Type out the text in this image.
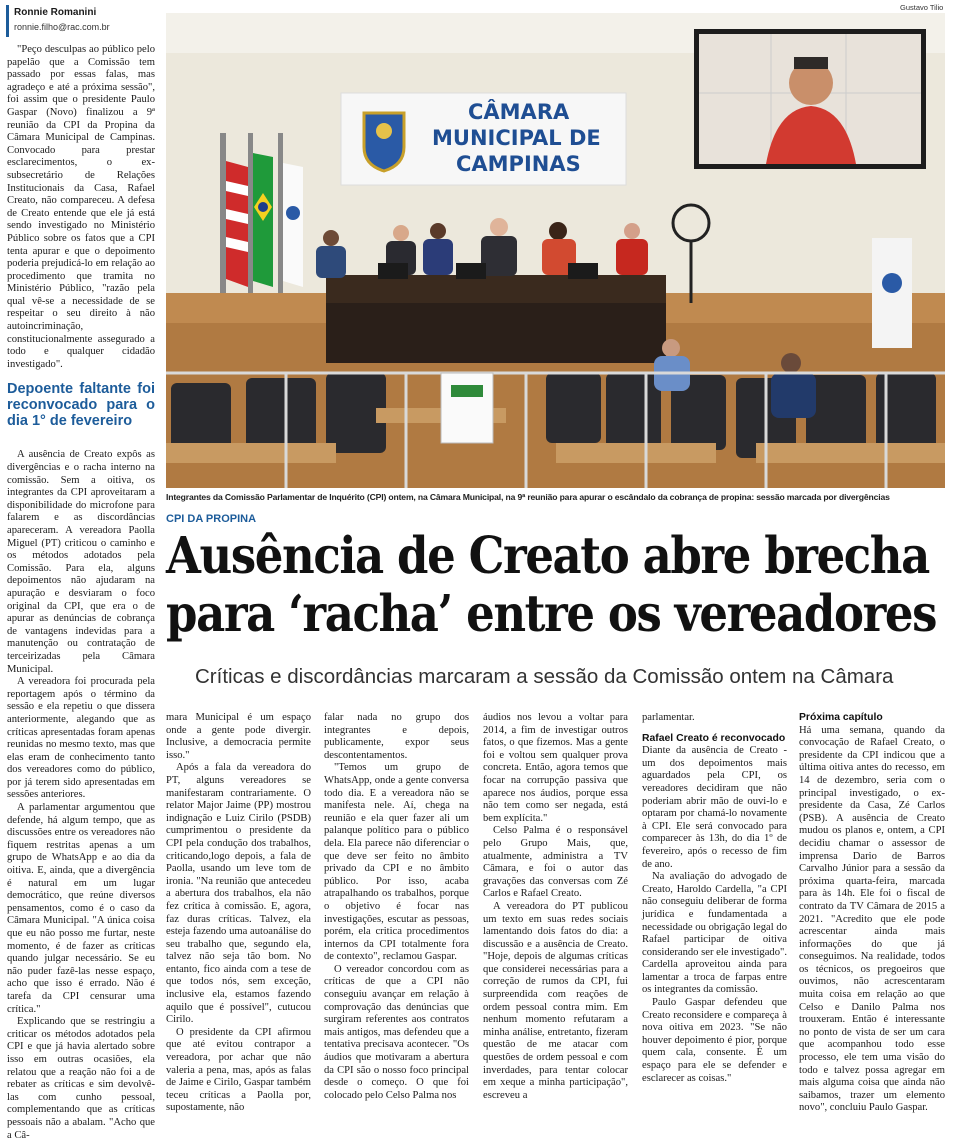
Ronnie Romanini
ronnie.filho@rac.com.br
CÂMARA
MUNICIPAL DE
CAMPINAS
Gustavo Tilio
Integrantes da Comissão Parlamentar de Inquérito (CPI) ontem, na Câmara Municipal, na 9ª reunião para apurar o escândalo da cobrança de propina: sessão marcada por divergências
CPI DA PROPINA
Ausência de Creato abre brecha
para ‘racha’ entre os vereadores
Críticas e discordâncias marcaram a sessão da Comissão ontem na Câmara

"Peço desculpas ao público pelo papelão que a Comissão tem passado por essas falas, mas agradeço e até a próxima sessão", foi assim que o presidente Paulo Gaspar (Novo) finalizou a 9ª reunião da CPI da Propina da Câmara Municipal de Campinas. Convocado para prestar esclarecimentos, o ex-subsecretário de Relações Institucionais da Casa, Rafael Creato, não compareceu. A defesa de Creato entende que ele já está sendo investigado no Ministério Público sobre os fatos que a CPI tenta apurar e que o depoimento poderia prejudicá-lo em relação ao procedimento que tramita no Ministério Público, "razão pela qual vê-se a necessidade de se respeitar o seu direito à não autoincriminação, constitucionalmente assegurado a todo e qualquer cidadão investigado".

Depoente faltante foi reconvocado para o dia 1° de fevereiro

A ausência de Creato expôs as divergências e o racha interno na comissão. Sem a oitiva, os integrantes da CPI aproveitaram a disponibilidade do microfone para falarem e as discordâncias apareceram. A vereadora Paolla Miguel (PT) criticou o caminho e os métodos adotados pela Comissão. Para ela, alguns depoimentos não ajudaram na apuração e desviaram o foco original da CPI, que era o de apurar as denúncias de cobrança de vantagens indevidas para a manutenção ou contratação de terceirizadas pela Câmara Municipal.

A vereadora foi procurada pela reportagem após o término da sessão e ela repetiu o que dissera anteriormente, alegando que as críticas apresentadas foram apenas reunidas no mesmo texto, mas que elas eram de conhecimento tanto dos vereadores como do público, por já terem sido apresentadas em sessões anteriores.

A parlamentar argumentou que defende, há algum tempo, que as discussões entre os vereadores não fiquem restritas apenas a um grupo de WhatsApp e ao dia da oitiva. E, ainda, que a divergência é natural em um lugar democrático, que reúne diversos pensamentos, como é o caso da Câmara Municipal. "A única coisa que eu não posso me furtar, neste momento, é de fazer as críticas quando julgar necessário. Se eu não puder fazê-las nesse espaço, acho que isso é errado. Não é tarefa da CPI censurar uma crítica."

Explicando que se restringiu a criticar os métodos adotados pela CPI e que já havia alertado sobre isso em outras ocasiões, ela relatou que a reação não foi a de rebater as críticas e sim devolvê-las com cunho pessoal, complementando que as críticas pessoais não a abalam. "Acho que a Câ-

mara Municipal é um espaço onde a gente pode divergir. Inclusive, a democracia permite isso."

Após a fala da vereadora do PT, alguns vereadores se manifestaram contrariamente. O relator Major Jaime (PP) mostrou indignação e Luiz Cirilo (PSDB) cumprimentou o presidente da CPI pela condução dos trabalhos, criticando,logo depois, a fala de Paolla, usando um leve tom de ironia. "Na reunião que antecedeu a abertura dos trabalhos, ela não fez crítica à comissão. E, agora, faz duras críticas. Talvez, ela esteja fazendo uma autoanálise do seu trabalho que, segundo ela, talvez não seja tão bom. No entanto, fico ainda com a tese de que todos nós, sem exceção, inclusive ela, estamos fazendo aquilo que é possível", cutucou Cirilo.

O presidente da CPI afirmou que até evitou contrapor a vereadora, por achar que não valeria a pena, mas, após as falas de Jaime e Cirilo, Gaspar também teceu críticas a Paolla por, supostamente, não

falar nada no grupo dos integrantes e depois, publicamente, expor seus descontentamentos.

"Temos um grupo de WhatsApp, onde a gente conversa todo dia. E a vereadora não se manifesta nele. Aí, chega na reunião e ela quer fazer ali um palanque político para o público dela. Ela parece não diferenciar o que deve ser feito no âmbito privado da CPI e no âmbito público. Por isso, acaba atrapalhando os trabalhos, porque o objetivo é focar nas investigações, escutar as pessoas, porém, ela critica procedimentos internos da CPI totalmente fora de contexto", reclamou Gaspar.

O vereador concordou com as críticas de que a CPI não conseguiu avançar em relação à comprovação das denúncias que surgiram referentes aos contratos mais antigos, mas defendeu que a tentativa precisava acontecer. "Os áudios que motivaram a abertura da CPI são o nosso foco principal desde o começo. O que foi colocado pelo Celso Palma nos

áudios nos levou a voltar para 2014, a fim de investigar outros fatos, o que fizemos. Mas a gente foi e voltou sem qualquer prova concreta. Então, agora temos que focar na corrupção passiva que aparece nos áudios, porque essa não tem como ser negada, está bem explícita."

Celso Palma é o responsável pelo Grupo Mais, que, atualmente, administra a TV Câmara, e foi o autor das gravações das conversas com Zé Carlos e Rafael Creato.

A vereadora do PT publicou um texto em suas redes sociais lamentando dois fatos do dia: a discussão e a ausência de Creato. "Hoje, depois de algumas críticas que considerei necessárias para a correção de rumos da CPI, fui surpreendida com reações de ordem pessoal contra mim. Em nenhum momento refutaram a minha análise, entretanto, fizeram questão de me atacar com questões de ordem pessoal e com inverdades, para tentar colocar em xeque a minha participação", escreveu a

parlamentar.

Rafael Creato é reconvocado

Diante da ausência de Creato - um dos depoimentos mais aguardados pela CPI, os vereadores decidiram que não poderiam abrir mão de ouvi-lo e optaram por chamá-lo novamente à CPI. Ele será convocado para comparecer às 13h, do dia 1º de fevereiro, após o recesso de fim de ano.

Na avaliação do advogado de Creato, Haroldo Cardella, "a CPI não conseguiu deliberar de forma jurídica e fundamentada a necessidade ou obrigação legal do Rafael participar de oitiva considerando ser ele investigado". Cardella aproveitou ainda para lamentar a troca de farpas entre os integrantes da comissão.

Paulo Gaspar defendeu que Creato reconsidere e compareça à nova oitiva em 2023. "Se não houver depoimento é pior, porque quem cala, consente. É um espaço para ele se defender e esclarecer as coisas."

Próxima capítulo

Há uma semana, quando da convocação de Rafael Creato, o presidente da CPI indicou que a última oitiva antes do recesso, em 14 de dezembro, seria com o principal investigado, o ex-presidente da Casa, Zé Carlos (PSB). A ausência de Creato mudou os planos e, ontem, a CPI decidiu chamar o assessor de imprensa Dario de Barros Carvalho Júnior para a sessão da próxima quarta-feira, marcada para às 14h. Ele foi o fiscal de contrato da TV Câmara de 2015 a 2021. "Acredito que ele pode acrescentar ainda mais informações do que já conseguimos. Na realidade, todos os técnicos, os pregoeiros que ouvimos, não acrescentaram muita coisa em relação ao que Celso e Danilo Palma nos trouxeram. Então é interessante no ponto de vista de ser um cara que acompanhou todo esse processo, ele tem uma visão do todo e talvez possa agregar em mais alguma coisa que ainda não saibamos, trazer um elemento novo", concluiu Paulo Gaspar.
